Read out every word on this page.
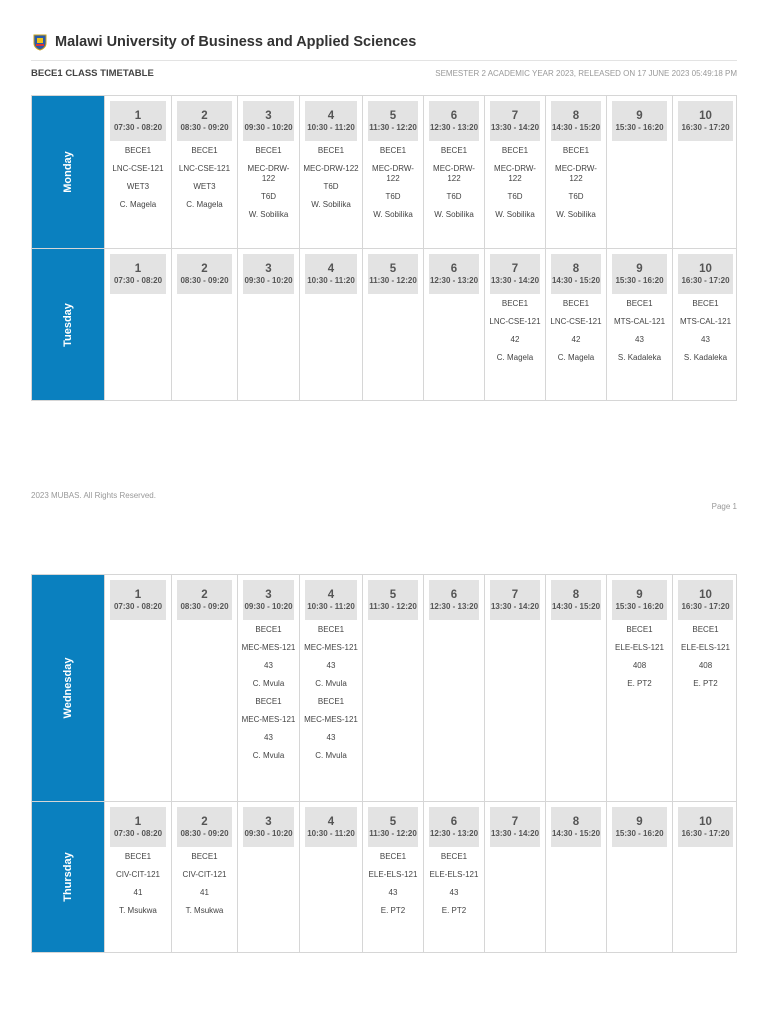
Malawi University of Business and Applied Sciences
BECE1 CLASS TIMETABLE	SEMESTER 2 ACADEMIC YEAR 2023, RELEASED ON 17 JUNE 2023 05:49:18 PM
Monday
1
07:30 - 08:20
BECE1
LNC-CSE-121
WET3
C. Magela
2
08:30 - 09:20
BECE1
LNC-CSE-121
WET3
C. Magela
3
09:30 - 10:20
BECE1
MEC-DRW-122
T6D
W. Sobilika
4
10:30 - 11:20
BECE1
MEC-DRW-122
T6D
W. Sobilika
5
11:30 - 12:20
BECE1
MEC-DRW-122
T6D
W. Sobilika
6
12:30 - 13:20
BECE1
MEC-DRW-122
T6D
W. Sobilika
7
13:30 - 14:20
BECE1
MEC-DRW-122
T6D
W. Sobilika
8
14:30 - 15:20
BECE1
MEC-DRW-122
T6D
W. Sobilika
9
15:30 - 16:20
10
16:30 - 17:20
Tuesday
1
07:30 - 08:20
2
08:30 - 09:20
3
09:30 - 10:20
4
10:30 - 11:20
5
11:30 - 12:20
6
12:30 - 13:20
7
13:30 - 14:20
BECE1
LNC-CSE-121
42
C. Magela
8
14:30 - 15:20
BECE1
LNC-CSE-121
42
C. Magela
9
15:30 - 16:20
BECE1
MTS-CAL-121
43
S. Kadaleka
10
16:30 - 17:20
BECE1
MTS-CAL-121
43
S. Kadaleka
2023 MUBAS. All Rights Reserved.
Page 1
Wednesday
1
07:30 - 08:20
2
08:30 - 09:20
3
09:30 - 10:20
BECE1
MEC-MES-121
43
C. Mvula
BECE1
MEC-MES-121
43
C. Mvula
4
10:30 - 11:20
BECE1
MEC-MES-121
43
C. Mvula
BECE1
MEC-MES-121
43
C. Mvula
5
11:30 - 12:20
6
12:30 - 13:20
7
13:30 - 14:20
8
14:30 - 15:20
9
15:30 - 16:20
BECE1
ELE-ELS-121
408
E. PT2
10
16:30 - 17:20
BECE1
ELE-ELS-121
408
E. PT2
Thursday
1
07:30 - 08:20
BECE1
CIV-CIT-121
41
T. Msukwa
2
08:30 - 09:20
BECE1
CIV-CIT-121
41
T. Msukwa
3
09:30 - 10:20
4
10:30 - 11:20
5
11:30 - 12:20
BECE1
ELE-ELS-121
43
E. PT2
6
12:30 - 13:20
BECE1
ELE-ELS-121
43
E. PT2
7
13:30 - 14:20
8
14:30 - 15:20
9
15:30 - 16:20
10
16:30 - 17:20
